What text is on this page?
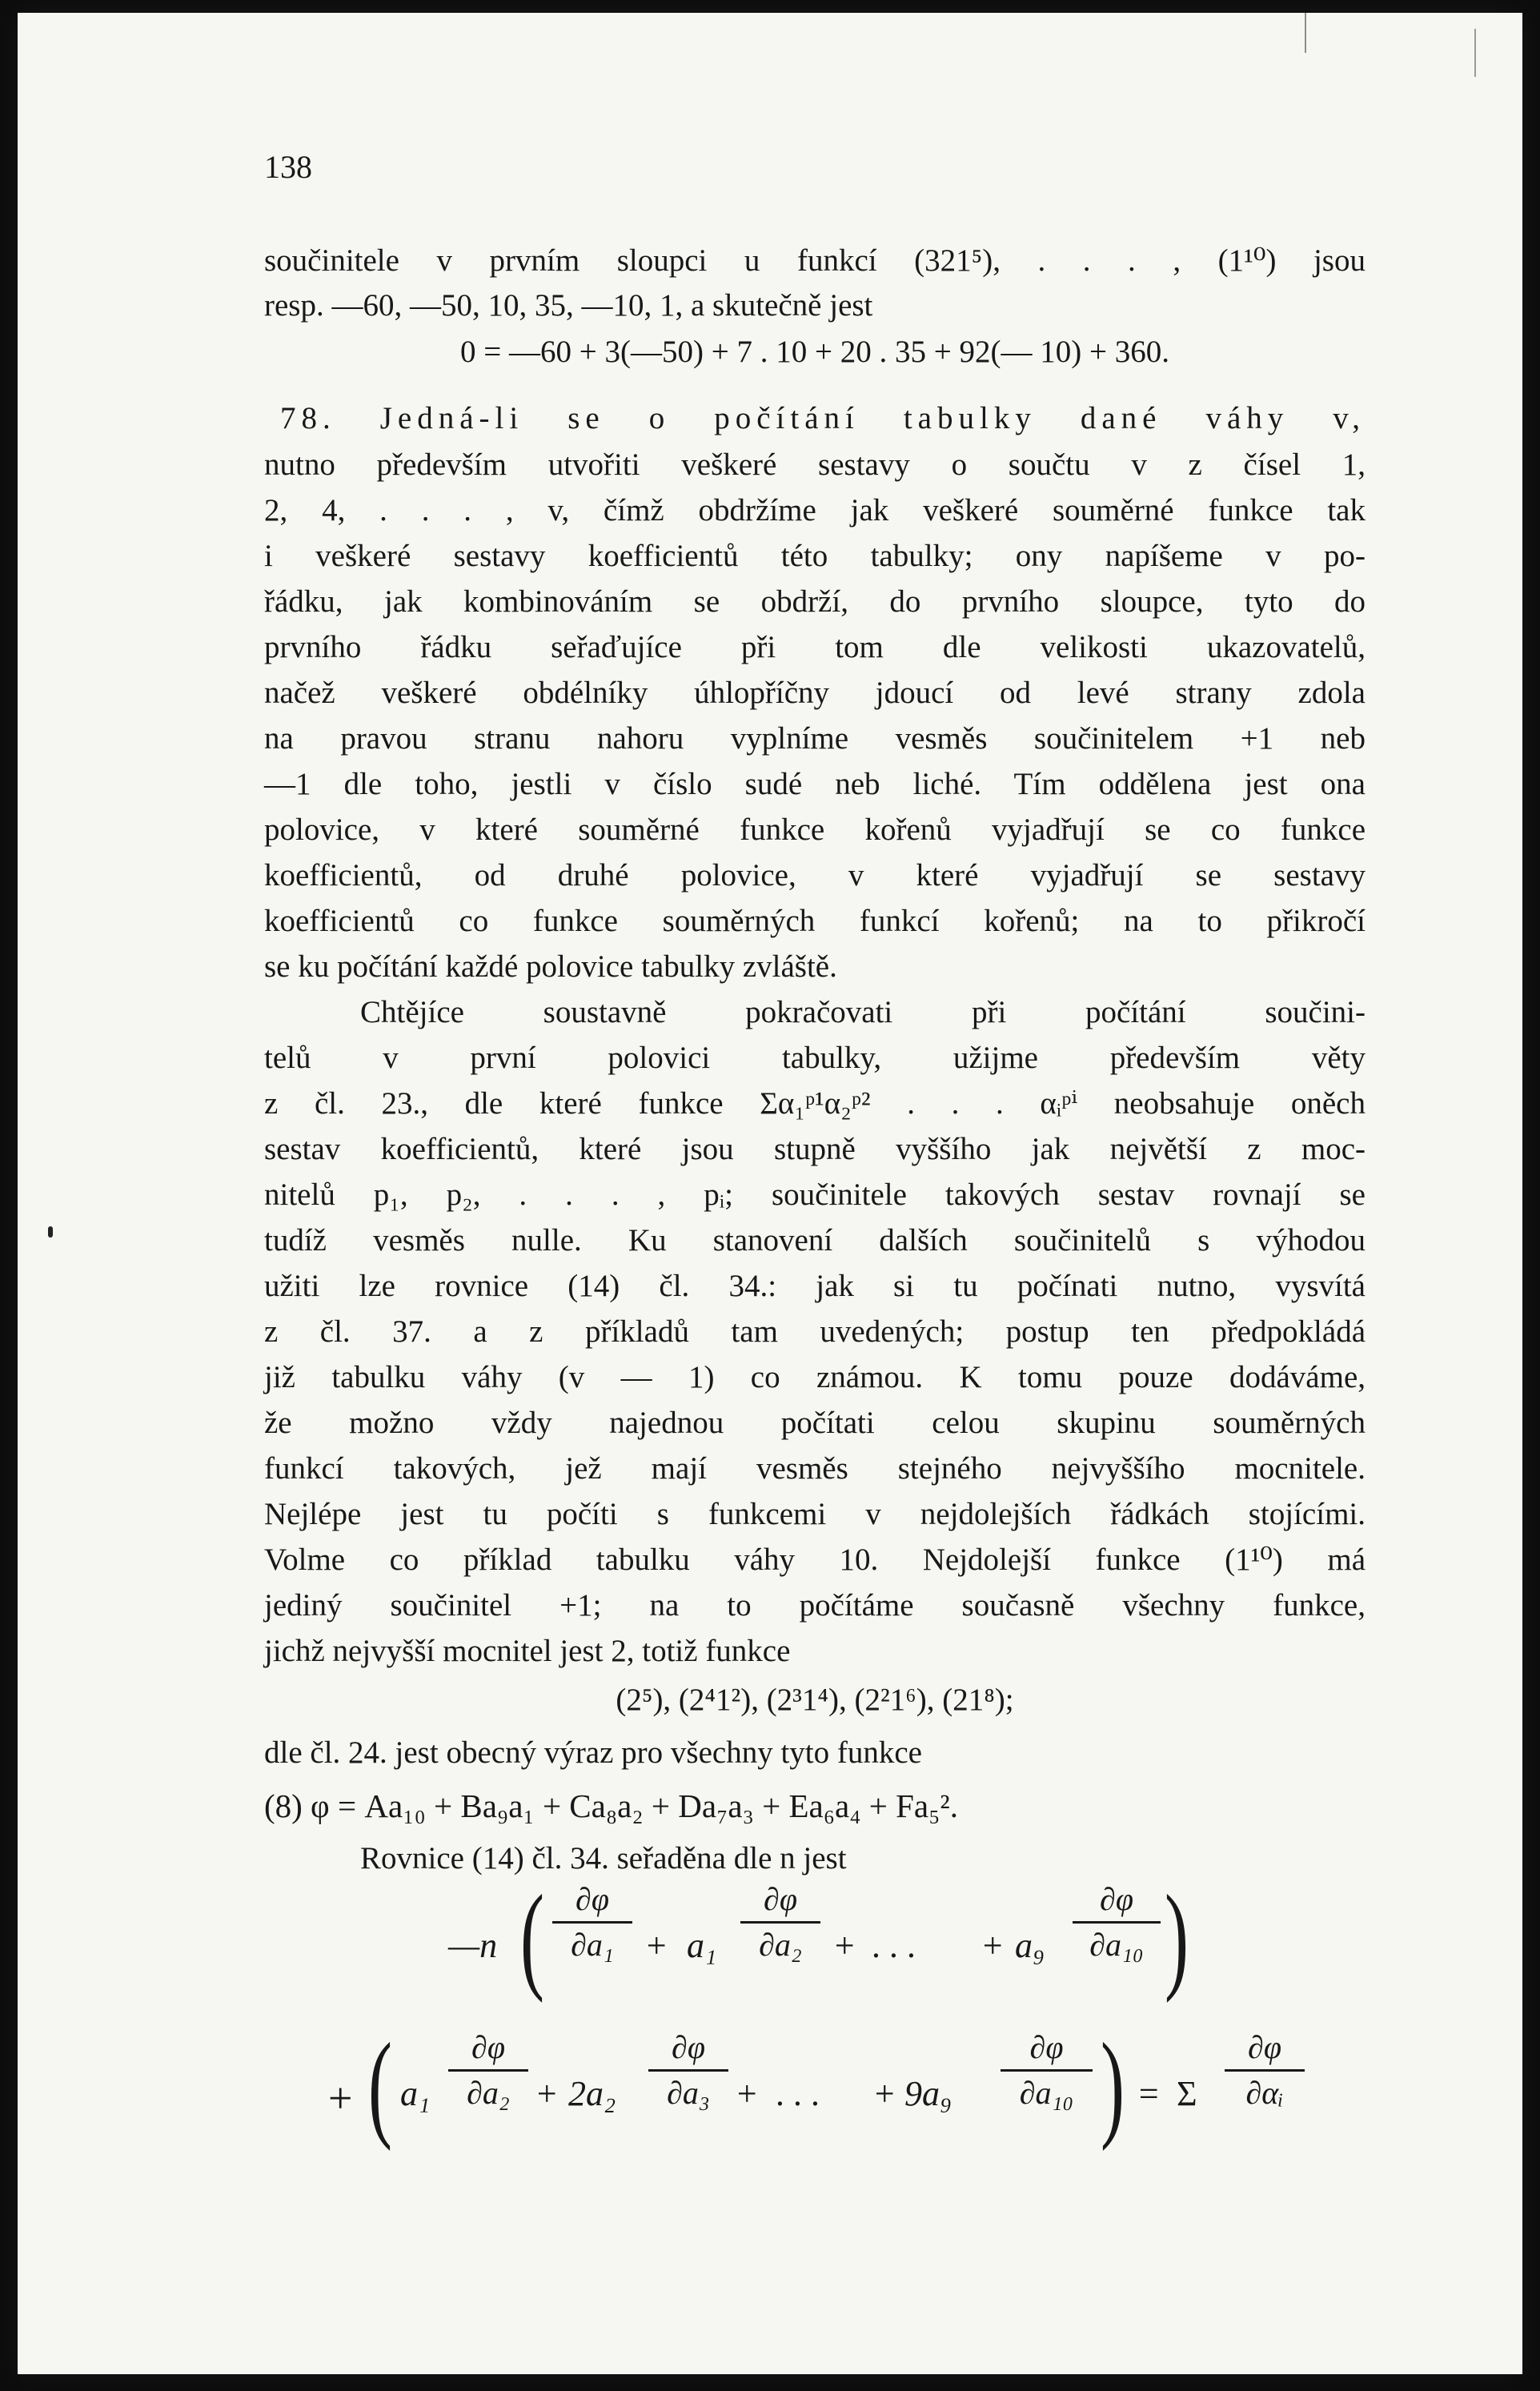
138
součinitele v prvním sloupci u funkcí (321⁵), . . . , (1¹⁰) jsou
resp. —60, —50, 10, 35, —10, 1, a skutečně jest
0 = —60 + 3(—50) + 7 . 10 + 20 . 35 + 92(— 10) + 360.
78. Jedná-li se o počítání tabulky dané váhy v,
nutno především utvořiti veškeré sestavy o součtu v z čísel 1,
2, 4, . . . , v, čímž obdržíme jak veškeré souměrné funkce tak
i veškeré sestavy koefficientů této tabulky; ony napíšeme v po-
řádku, jak kombinováním se obdrží, do prvního sloupce, tyto do
prvního řádku seřaďujíce při tom dle velikosti ukazovatelů,
načež veškeré obdélníky úhlopříčny jdoucí od levé strany zdola
na pravou stranu nahoru vyplníme vesměs součinitelem +1 neb
—1 dle toho, jestli v číslo sudé neb liché. Tím oddělena jest ona
polovice, v které souměrné funkce kořenů vyjadřují se co funkce
koefficientů, od druhé polovice, v které vyjadřují se sestavy
koefficientů co funkce souměrných funkcí kořenů; na to přikročí
se ku počítání každé polovice tabulky zvláště.
Chtějíce soustavně pokračovati při počítání součini-
telů v první polovici tabulky, užijme především věty
z čl. 23., dle které funkce Σα₁ᵖ¹α₂ᵖ² . . . αᵢᵖⁱ neobsahuje oněch
sestav koefficientů, které jsou stupně vyššího jak největší z moc-
nitelů p₁, p₂, . . . , pᵢ; součinitele takových sestav rovnají se
tudíž vesměs nulle. Ku stanovení dalších součinitelů s výhodou
užiti lze rovnice (14) čl. 34.: jak si tu počínati nutno, vysvítá
z čl. 37. a z příkladů tam uvedených; postup ten předpokládá
již tabulku váhy (v — 1) co známou. K tomu pouze dodáváme,
že možno vždy najednou počítati celou skupinu souměrných
funkcí takových, jež mají vesměs stejného nejvyššího mocnitele.
Nejlépe jest tu počíti s funkcemi v nejdolejších řádkách stojícími.
Volme co příklad tabulku váhy 10. Nejdolejší funkce (1¹⁰) má
jediný součinitel +1; na to počítáme současně všechny funkce,
jichž nejvyšší mocnitel jest 2, totiž funkce
(2⁵), (2⁴1²), (2³1⁴), (2²1⁶), (21⁸);
dle čl. 24. jest obecný výraz pro všechny tyto funkce
(8) φ = Aa₁₀ + Ba₉a₁ + Ca₈a₂ + Da₇a₃ + Ea₆a₄ + Fa₅².
Rovnice (14) čl. 34. seřaděna dle n jest
—n ( ∂φ
∂a₁ + a₁
∂φ
∂a₂ + . . . + a₉
∂φ
∂a₁₀ )
+ ( a₁
∂φ
∂a₂ + 2a₂
∂φ
∂a₃ + . . . + 9a₉
∂φ
∂a₁₀ ) = Σ
∂φ
∂αᵢ
